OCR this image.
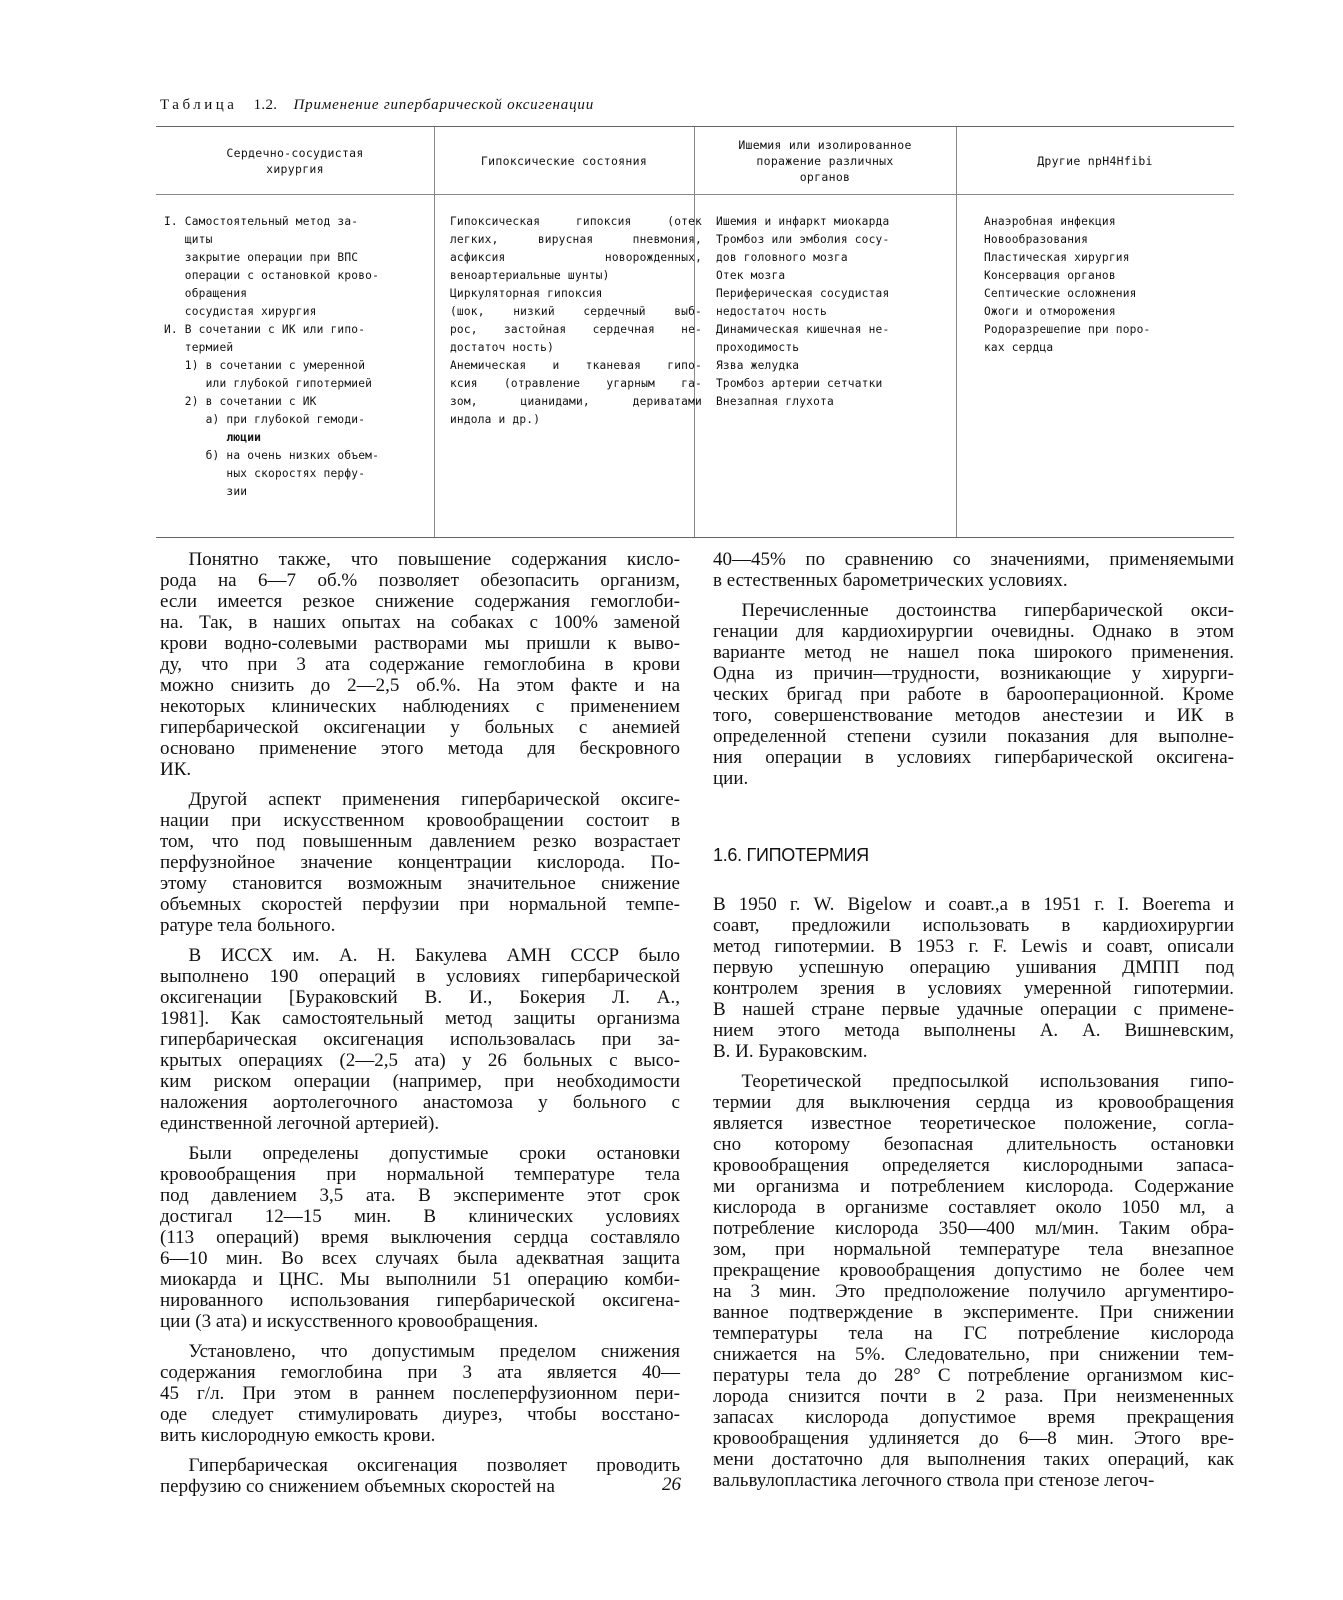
Таблица 1.2. Применение гипербарической оксигенации
Сердечно-сосудистая
хирургия
Гипоксические состояния
Ишемия или изолированное
поражение различных
органов
Другие npH4Hfibi
I. Самостоятельный метод за-
щиты
закрытие операции при ВПС
операции с остановкой крово-
обращения
сосудистая хирургия
И. В сочетании с ИК или гипо-
термией
1) в сочетании с умеренной
или глубокой гипотермией
2) в сочетании с ИК
а) при глубокой гемоди-
люции
б) на очень низких объем-
ных скоростях перфу-
зии
Гипоксическая гипоксия (отек
легких, вирусная пневмония,
асфиксия новорожденных,
веноартериальные шунты)
Циркуляторная гипоксия
(шок, низкий сердечный выб-
рос, застойная сердечная не-
достаточ ность)
Анемическая и тканевая гипо-
ксия (отравление угарным га-
зом, цианидами, дериватами
индола и др.)
Ишемия и инфаркт миокарда
Тромбоз или эмболия сосу-
дов головного мозга
Отек мозга
Периферическая сосудистая
недостаточ ность
Динамическая кишечная не-
проходимость
Язва желудка
Тромбоз артерии сетчатки
Внезапная глухота
Анаэробная инфекция
Новообразования
Пластическая хирургия
Консервация органов
Септические осложнения
Ожоги и отморожения
Родоразрешепие при поро-
ках сердца

  Понятно также, что повышение содержания кисло-
рода на 6—7 об.% позволяет обезопасить организм,
если имеется резкое снижение содержания гемоглоби-
на. Так, в наших опытах на собаках с 100% заменой
крови водно-солевыми растворами мы пришли к выво-
ду, что при 3 ата содержание гемоглобина в крови
можно снизить до 2—2,5 об.%. На этом факте и на
некоторых клинических наблюдениях с применением
гипербарической оксигенации у больных с анемией
основано применение этого метода для бескровного
ИК.

  Другой аспект применения гипербарической оксиге-
нации при искусственном кровообращении состоит в
том, что под повышенным давлением резко возрастает
перфузнойное значение концентрации кислорода. По-
этому становится возможным значительное снижение
объемных скоростей перфузии при нормальной темпе-
ратуре тела больного.

  В ИССХ им. А. Н. Бакулева АМН СССР было
выполнено 190 операций в условиях гипербарической
оксигенации [Бураковский В. И., Бокерия Л. А.,
1981]. Как самостоятельный метод защиты организма
гипербарическая оксигенация использовалась при за-
крытых операциях (2—2,5 ата) у 26 больных с высо-
ким риском операции (например, при необходимости
наложения аортолегочного анастомоза у больного с
единственной легочной артерией).

  Были определены допустимые сроки остановки
кровообращения при нормальной температуре тела
под давлением 3,5 ата. В эксперименте этот срок
достигал 12—15 мин. В клинических условиях
(113 операций) время выключения сердца составляло
6—10 мин. Во всех случаях была адекватная защита
миокарда и ЦНС. Мы выполнили 51 операцию комби-
нированного использования гипербарической оксигена-
ции (3 ата) и искусственного кровообращения.

  Установлено, что допустимым пределом снижения
содержания гемоглобина при 3 ата является 40—
45 г/л. При этом в раннем послеперфузионном пери-
оде следует стимулировать диурез, чтобы восстано-
вить кислородную емкость крови.

  Гипербарическая оксигенация позволяет проводить
перфузию со снижением объемных скоростей на

40—45% по сравнению со значениями, применяемыми
в естественных барометрических условиях.

  Перечисленные достоинства гипербарической окси-
генации для кардиохирургии очевидны. Однако в этом
варианте метод не нашел пока широкого применения.
Одна из причин—трудности, возникающие у хирурги-
ческих бригад при работе в барооперационной. Кроме
того, совершенствование методов анестезии и ИК в
определенной степени сузили показания для выполне-
ния операции в условиях гипербарической оксигена-
ции.

1.6. ГИПОТЕРМИЯ

В 1950 г. W. Bigelow и соавт.,а в 1951 г. I. Boerema и
соавт, предложили использовать в кардиохирургии
метод гипотермии. В 1953 г. F. Lewis и соавт, описали
первую успешную операцию ушивания ДМПП под
контролем зрения в условиях умеренной гипотермии.
В нашей стране первые удачные операции с примене-
нием этого метода выполнены А. А. Вишневским,
В. И. Бураковским.

  Теоретической предпосылкой использования гипо-
термии для выключения сердца из кровообращения
является известное теоретическое положение, согла-
сно которому безопасная длительность остановки
кровообращения определяется кислородными запаса-
ми организма и потреблением кислорода. Содержание
кислорода в организме составляет около 1050 мл, а
потребление кислорода 350—400 мл/мин. Таким обра-
зом, при нормальной температуре тела внезапное
прекращение кровообращения допустимо не более чем
на 3 мин. Это предположение получило аргументиро-
ванное подтверждение в эксперименте. При снижении
температуры тела на ГС потребление кислорода
снижается на 5%. Следовательно, при снижении тем-
пературы тела до 28° С потребление организмом кис-
лорода снизится почти в 2 раза. При неизмененных
запасах кислорода допустимое время прекращения
кровообращения удлиняется до 6—8 мин. Этого вре-
мени достаточно для выполнения таких операций, как
вальвулопластика легочного ствола при стенозе легоч-

26
